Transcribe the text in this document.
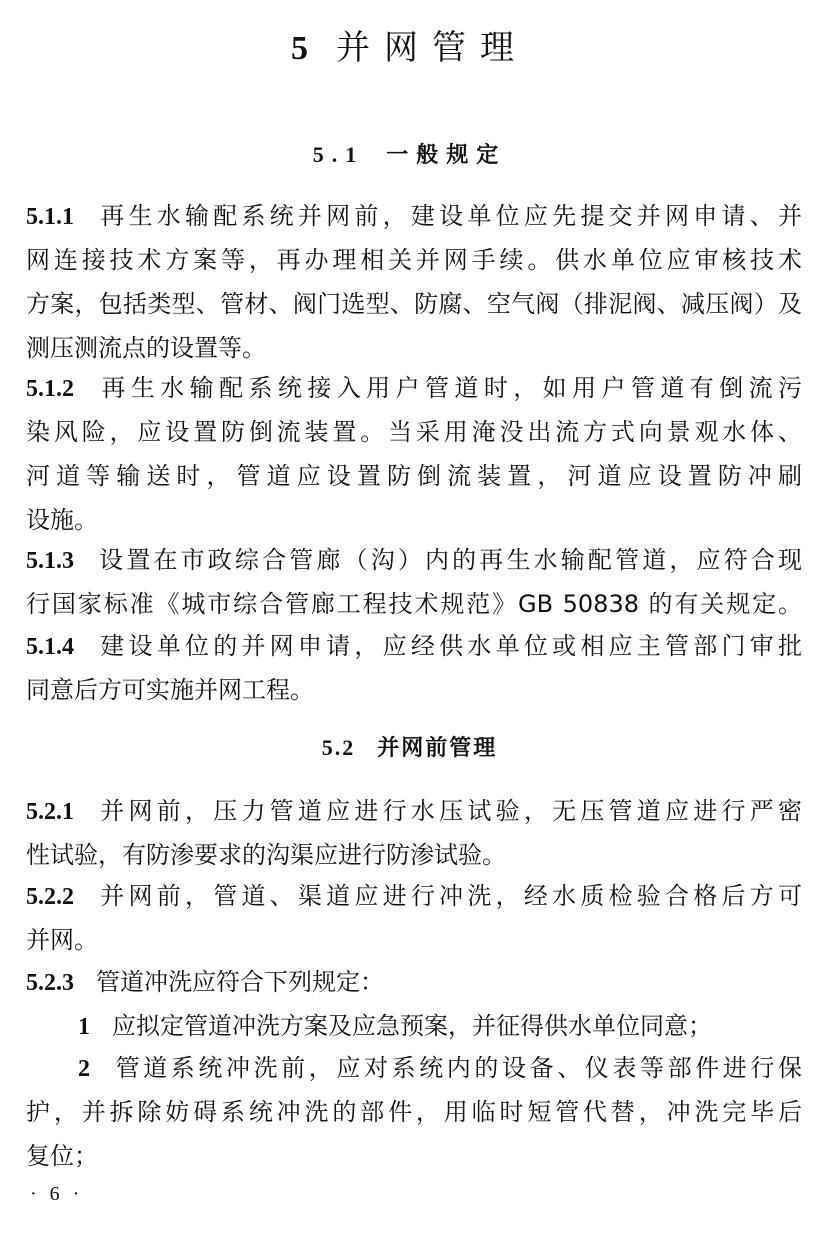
5 并网管理
5.1 一般规定
5.1.1 再生水输配系统并网前，建设单位应先提交并网申请、并
网连接技术方案等，再办理相关并网手续。供水单位应审核技术
方案，包括类型、管材、阀门选型、防腐、空气阀（排泥阀、减压阀）及
测压测流点的设置等。
5.1.2 再生水输配系统接入用户管道时，如用户管道有倒流污
染风险，应设置防倒流装置。当采用淹没出流方式向景观水体、
河道等输送时，管道应设置防倒流装置，河道应设置防冲刷
设施。
5.1.3 设置在市政综合管廊（沟）内的再生水输配管道，应符合现
行国家标准《城市综合管廊工程技术规范》GB 50838 的有关规定。
5.1.4 建设单位的并网申请，应经供水单位或相应主管部门审批
同意后方可实施并网工程。
5.2 并网前管理
5.2.1 并网前，压力管道应进行水压试验，无压管道应进行严密
性试验，有防渗要求的沟渠应进行防渗试验。
5.2.2 并网前，管道、渠道应进行冲洗，经水质检验合格后方可
并网。
5.2.3 管道冲洗应符合下列规定：
1 应拟定管道冲洗方案及应急预案，并征得供水单位同意；
2 管道系统冲洗前，应对系统内的设备、仪表等部件进行保
护，并拆除妨碍系统冲洗的部件，用临时短管代替，冲洗完毕后
复位；
· 6 ·
